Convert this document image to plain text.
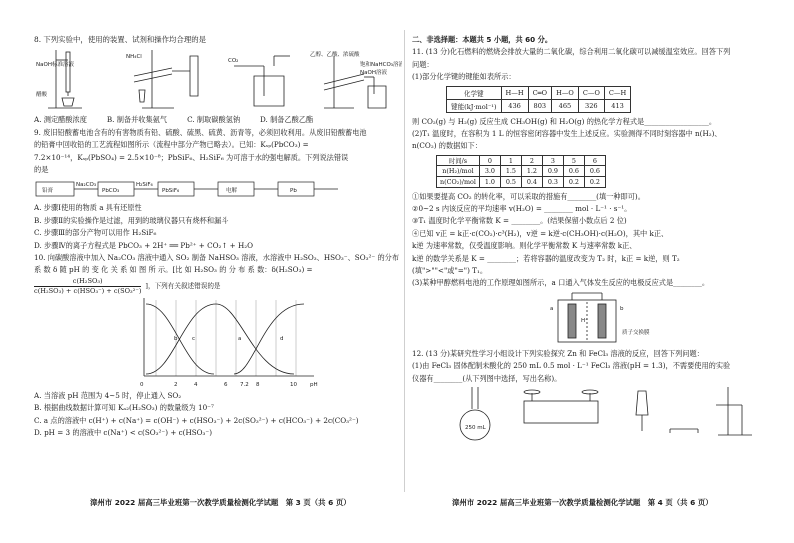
8. 下列实验中，使用的装置、试剂和操作均合理的是

NaOH标准溶液
醋酸
NH₄Cl
CO₂
乙醇、乙酸、浓硫酸
饱和NaHCO₃溶液
NaOH溶液
A. 测定醋酸浓度	B. 制备并收集氨气	C. 制取碳酸氢钠	D. 制备乙酸乙酯

9. 废旧铅酸蓄电池含有的有害物质有铅、硫酸、硫黑、硫黄、沥青等，必须回收利用。从废旧铅酸蓄电池

的铅膏中回收铅的工艺流程如图所示（流程中部分产物已略去）。已知：Kₛₚ(PbCO₃) =

7.2×10⁻¹⁴，Kₛₚ(PbSO₄) = 2.5×10⁻⁸；PbSiF₆、H₂SiF₆ 为可溶于水的强电解质。下列说法错误

的是

铅膏
Na₂CO₃
PbCO₃
H₂SiF₆
PbSiF₆	电解	Pb

A. 步骤Ⅰ使用的物质 a 具有还原性

B. 步骤Ⅱ的实验操作是过滤，用到的玻璃仪器只有烧杯和漏斗

C. 步骤Ⅲ的部分产物可以用作 H₂SiF₆

D. 步骤Ⅳ的离子方程式是 PbCO₃ + 2H⁺ ══ Pb²⁺ + CO₂↑ + H₂O

10. 向碳酸溶液中加入 Na₂CO₃ 溶液中通入 SO₂ 制备 NaHSO₃ 溶液，水溶液中 H₂SO₃、HSO₃⁻、SO₃²⁻ 的分布

系 数 δ 随 pH 的 变 化 关 系 如 图 所 示。[比 如 H₂SO₃ 的 分 布 系 数：δ(H₂SO₃) =

c(H₂SO₃)
c(H₂SO₃) + c(HSO₃⁻) + c(SO₃²⁻)
]，下列有关叙述错误的是
0	2	4	6 7.2 8	10 pH
b	c	a	d

A. 当溶液 pH 范围为 4~5 时，停止通入 SO₂

B. 根据曲线数据计算可知 Kₐ₂(H₂SO₃) 的数量级为 10⁻⁷

C. a 点的溶液中 c(H⁺) + c(Na⁺) = c(OH⁻) + c(HSO₃⁻) + 2c(SO₃²⁻) + c(HCO₃⁻) + 2c(CO₃²⁻)

D. pH = 3 的溶液中 c(Na⁺) < c(SO₃²⁻) + c(HSO₃⁻)

漳州市 2022 届高三毕业班第一次教学质量检测化学试题　第 3 页（共 6 页）

二、非选择题：本题共 5 小题，共 60 分。

11. (13 分)化石燃料的燃烧会排放大量的二氧化碳，综合利用二氧化碳可以减缓温室效应。回答下列

问题：

(1)部分化学键的键能如表所示：

化学键	H—H	C═O	H—O	C—O	C—H
键能(kJ·mol⁻¹)	436	803	465	326	413

则 CO₂(g) 与 H₂(g) 反应生成 CH₃OH(g) 和 H₂O(g) 的热化学方程式是__________________。

(2)T₁ 温度时，在容积为 1 L 的恒容密闭容器中发生上述反应。实验测得不同时刻容器中 n(H₂)、

n(CO₂) 的数据如下：

时间/s	0	1	2	3	5	6
n(H₂)/mol	3.0	1.5	1.2	0.9	0.6	0.6
n(CO₂)/mol	1.0	0.5	0.4	0.3	0.2	0.2

①如果要提高 CO₂ 的转化率，可以采取的措施有________(填一种即可)。

②0~2 s 内该反应的平均速率 v(H₂O) = ________ mol · L⁻¹ · s⁻¹。

③T₁ 温度时化学平衡常数 K = ________。(结果保留小数点后 2 位)

④已知 v正 = k正·c(CO₂)·c³(H₂)，v逆 = k逆·c(CH₃OH)·c(H₂O)，其中 k正、

k逆 为速率常数，仅受温度影响。则化学平衡常数 K 与速率常数 k正、

k逆 的数学关系是 K = ________；若将容器的温度改变为 T₂ 时，k正 = k逆，则 T₂

(填">""<"或"=") T₁。

(3)某种甲醇燃料电池的工作原理如图所示，a 口通入气体发生反应的电极反应式是________。

a	b
H⁺
质子交换膜

12. (13 分)某研究性学习小组设计下列实验探究 Zn 和 FeCl₃ 溶液的反应，回答下列问题：

(1)由 FeCl₃ 固体配制未酸化的 250 mL 0.5 mol · L⁻¹ FeCl₃ 溶液(pH = 1.3)，不需要使用的实验

仪器有________(从下列图中选择，写出名称)。

250 mL
漳州市 2022 届高三毕业班第一次教学质量检测化学试题　第 4 页（共 6 页）
